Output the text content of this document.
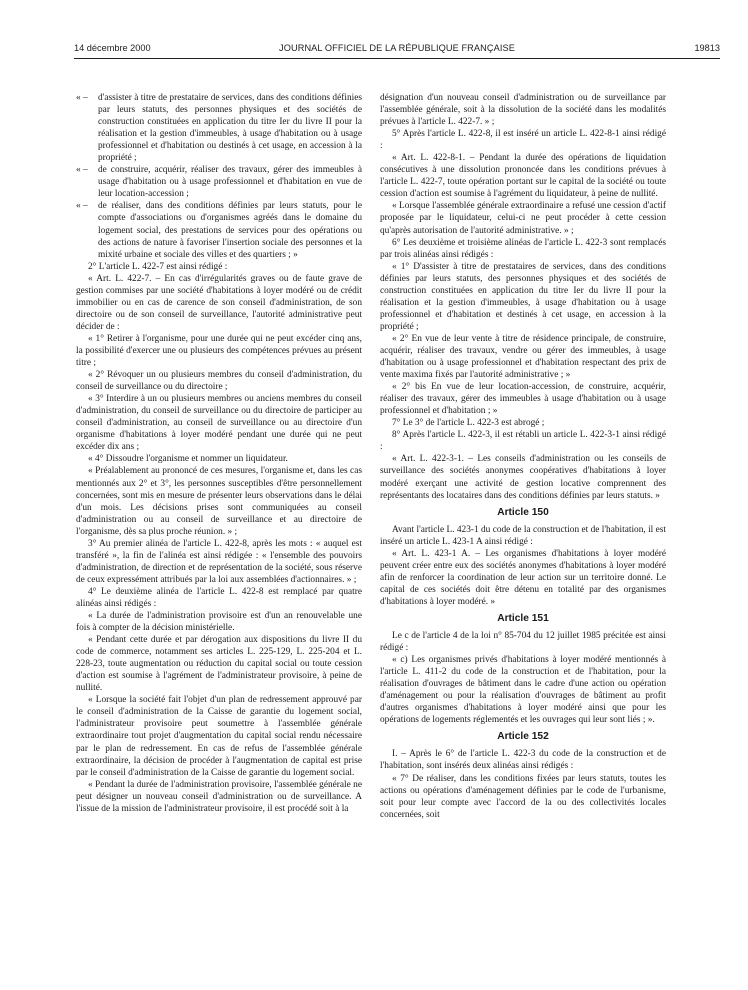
14 décembre 2000	JOURNAL OFFICIEL DE LA RÉPUBLIQUE FRANÇAISE	19813
« –	d'assister à titre de prestataire de services, dans des conditions définies par leurs statuts, des personnes physiques et des sociétés de construction constituées en application du titre Ier du livre II pour la réalisation et la gestion d'immeubles, à usage d'habitation ou à usage professionnel et d'habitation ou destinés à cet usage, en accession à la propriété ;
« –	de construire, acquérir, réaliser des travaux, gérer des immeubles à usage d'habitation ou à usage professionnel et d'habitation en vue de leur location-accession ;
« –	de réaliser, dans des conditions définies par leurs statuts, pour le compte d'associations ou d'organismes agréés dans le domaine du logement social, des prestations de services pour des opérations ou des actions de nature à favoriser l'insertion sociale des personnes et la mixité urbaine et sociale des villes et des quartiers ; »

2° L'article L. 422-7 est ainsi rédigé :

« Art. L. 422-7. – En cas d'irrégularités graves ou de faute grave de gestion commises par une société d'habitations à loyer modéré ou de crédit immobilier ou en cas de carence de son conseil d'administration, de son directoire ou de son conseil de surveillance, l'autorité administrative peut décider de :

« 1° Retirer à l'organisme, pour une durée qui ne peut excéder cinq ans, la possibilité d'exercer une ou plusieurs des compétences prévues au présent titre ;

« 2° Révoquer un ou plusieurs membres du conseil d'administration, du conseil de surveillance ou du directoire ;

« 3° Interdire à un ou plusieurs membres ou anciens membres du conseil d'administration, du conseil de surveillance ou du directoire de participer au conseil d'administration, au conseil de surveillance ou au directoire d'un organisme d'habitations à loyer modéré pendant une durée qui ne peut excéder dix ans ;

« 4° Dissoudre l'organisme et nommer un liquidateur.

« Préalablement au prononcé de ces mesures, l'organisme et, dans les cas mentionnés aux 2° et 3°, les personnes susceptibles d'être personnellement concernées, sont mis en mesure de présenter leurs observations dans le délai d'un mois. Les décisions prises sont communiquées au conseil d'administration ou au conseil de surveillance et au directoire de l'organisme, dès sa plus proche réunion. » ;

3° Au premier alinéa de l'article L. 422-8, après les mots : « auquel est transféré », la fin de l'alinéa est ainsi rédigée : « l'ensemble des pouvoirs d'administration, de direction et de représentation de la société, sous réserve de ceux expressément attribués par la loi aux assemblées d'actionnaires. » ;

4° Le deuxième alinéa de l'article L. 422-8 est remplacé par quatre alinéas ainsi rédigés :

« La durée de l'administration provisoire est d'un an renouvelable une fois à compter de la décision ministérielle.

« Pendant cette durée et par dérogation aux dispositions du livre II du code de commerce, notamment ses articles L. 225-129, L. 225-204 et L. 228-23, toute augmentation ou réduction du capital social ou toute cession d'action est soumise à l'agrément de l'administrateur provisoire, à peine de nullité.

« Lorsque la société fait l'objet d'un plan de redressement approuvé par le conseil d'administration de la Caisse de garantie du logement social, l'administrateur provisoire peut soumettre à l'assemblée générale extraordinaire tout projet d'augmentation du capital social rendu nécessaire par le plan de redressement. En cas de refus de l'assemblée générale extraordinaire, la décision de procéder à l'augmentation de capital est prise par le conseil d'administration de la Caisse de garantie du logement social.

« Pendant la durée de l'administration provisoire, l'assemblée générale ne peut désigner un nouveau conseil d'administration ou de surveillance. A l'issue de la mission de l'administrateur provisoire, il est procédé soit à la

désignation d'un nouveau conseil d'administration ou de surveillance par l'assemblée générale, soit à la dissolution de la société dans les modalités prévues à l'article L. 422-7. » ;

5° Après l'article L. 422-8, il est inséré un article L. 422-8-1 ainsi rédigé :

« Art. L. 422-8-1. – Pendant la durée des opérations de liquidation consécutives à une dissolution prononcée dans les conditions prévues à l'article L. 422-7, toute opération portant sur le capital de la société ou toute cession d'action est soumise à l'agrément du liquidateur, à peine de nullité.

« Lorsque l'assemblée générale extraordinaire a refusé une cession d'actif proposée par le liquidateur, celui-ci ne peut procéder à cette cession qu'après autorisation de l'autorité administrative. » ;

6° Les deuxième et troisième alinéas de l'article L. 422-3 sont remplacés par trois alinéas ainsi rédigés :

« 1° D'assister à titre de prestataires de services, dans des conditions définies par leurs statuts, des personnes physiques et des sociétés de construction constituées en application du titre Ier du livre II pour la réalisation et la gestion d'immeubles, à usage d'habitation ou à usage professionnel et d'habitation et destinés à cet usage, en accession à la propriété ;

« 2° En vue de leur vente à titre de résidence principale, de construire, acquérir, réaliser des travaux, vendre ou gérer des immeubles, à usage d'habitation ou à usage professionnel et d'habitation respectant des prix de vente maxima fixés par l'autorité administrative ; »

« 2° bis En vue de leur location-accession, de construire, acquérir, réaliser des travaux, gérer des immeubles à usage d'habitation ou à usage professionnel et d'habitation ; »

7° Le 3° de l'article L. 422-3 est abrogé ;

8° Après l'article L. 422-3, il est rétabli un article L. 422-3-1 ainsi rédigé :

« Art. L. 422-3-1. – Les conseils d'administration ou les conseils de surveillance des sociétés anonymes coopératives d'habitations à loyer modéré exerçant une activité de gestion locative comprennent des représentants des locataires dans des conditions définies par leurs statuts. »

Article 150

Avant l'article L. 423-1 du code de la construction et de l'habitation, il est inséré un article L. 423-1 A ainsi rédigé :

« Art. L. 423-1 A. – Les organismes d'habitations à loyer modéré peuvent créer entre eux des sociétés anonymes d'habitations à loyer modéré afin de renforcer la coordination de leur action sur un territoire donné. Le capital de ces sociétés doit être détenu en totalité par des organismes d'habitations à loyer modéré. »

Article 151

Le c de l'article 4 de la loi n° 85-704 du 12 juillet 1985 précitée est ainsi rédigé :

« c) Les organismes privés d'habitations à loyer modéré mentionnés à l'article L. 411-2 du code de la construction et de l'habitation, pour la réalisation d'ouvrages de bâtiment dans le cadre d'une action ou opération d'aménagement ou pour la réalisation d'ouvrages de bâtiment au profit d'autres organismes d'habitations à loyer modéré ainsi que pour les opérations de logements réglementés et les ouvrages qui leur sont liés ; ».

Article 152

I. – Après le 6° de l'article L. 422-3 du code de la construction et de l'habitation, sont insérés deux alinéas ainsi rédigés :

« 7° De réaliser, dans les conditions fixées par leurs statuts, toutes les actions ou opérations d'aménagement définies par le code de l'urbanisme, soit pour leur compte avec l'accord de la ou des collectivités locales concernées, soit
